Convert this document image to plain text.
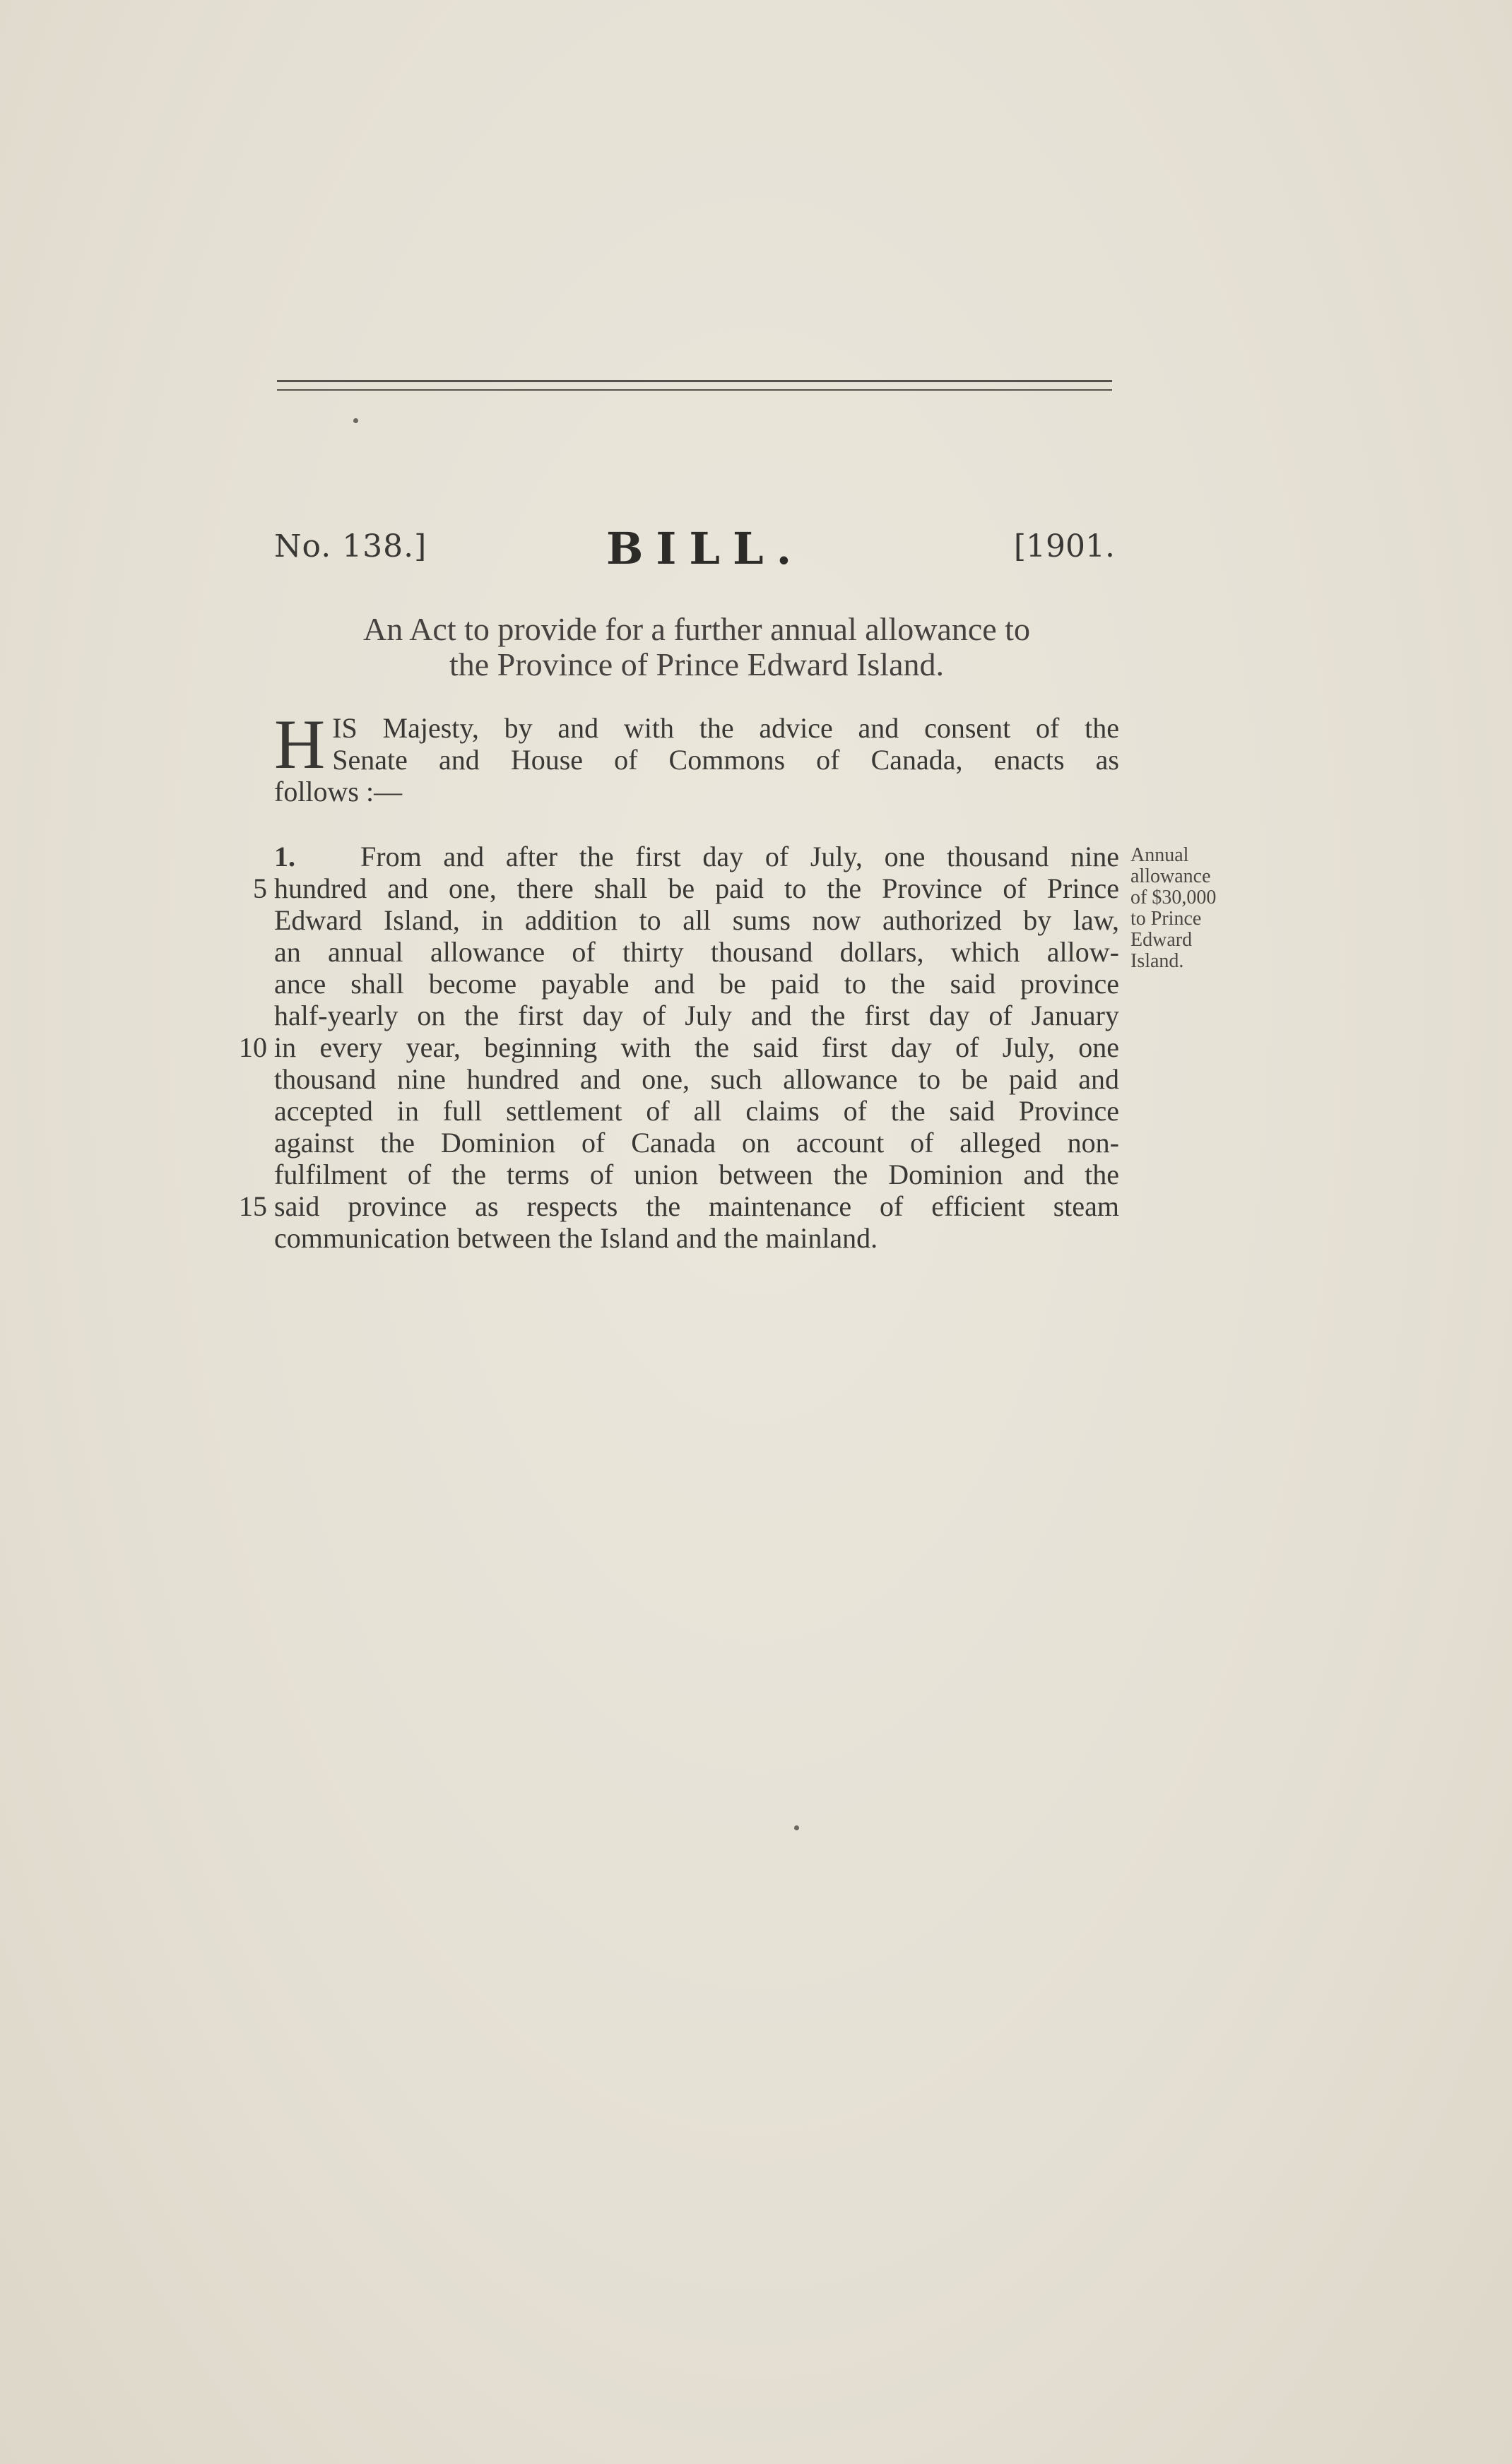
No. 138.]	BILL.	[1901.
An Act to provide for a further annual allowance to
the Province of Prince Edward Island.
H IS Majesty, by and with the advice and consent of the
Senate and House of Commons of Canada, enacts as
follows :—
1. From and after the first day of July, one thousand nine
hundred and one, there shall be paid to the Province of Prince
Edward Island, in addition to all sums now authorized by law,
an annual allowance of thirty thousand dollars, which allow-
ance shall become payable and be paid to the said province
half-yearly on the first day of July and the first day of January
in every year, beginning with the said first day of July, one
thousand nine hundred and one, such allowance to be paid and
accepted in full settlement of all claims of the said Province
against the Dominion of Canada on account of alleged non-
fulfilment of the terms of union between the Dominion and the
said province as respects the maintenance of efficient steam
communication between the Island and the mainland.
5
10
15
Annual
allowance
of $30,000
to Prince
Edward
Island.
